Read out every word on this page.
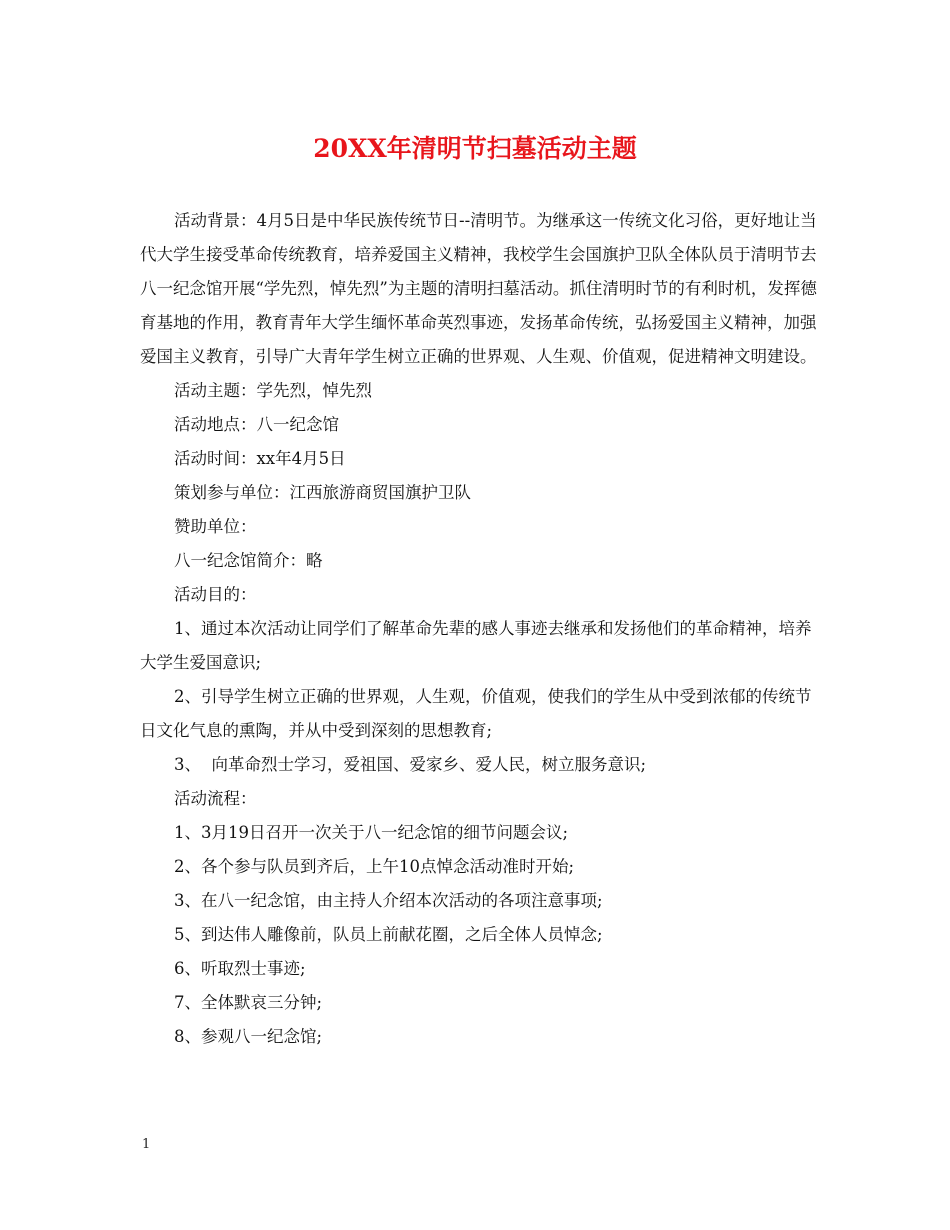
20XX年清明节扫墓活动主题

活动背景：4月5日是中华民族传统节日--清明节。为继承这一传统文化习俗，更好地让当代大学生接受革命传统教育，培养爱国主义精神，我校学生会国旗护卫队全体队员于清明节去八一纪念馆开展“学先烈，悼先烈”为主题的清明扫墓活动。抓住清明时节的有利时机，发挥德育基地的作用，教育青年大学生缅怀革命英烈事迹，发扬革命传统，弘扬爱国主义精神，加强爱国主义教育，引导广大青年学生树立正确的世界观、人生观、价值观，促进精神文明建设。

活动主题：学先烈，悼先烈

活动地点：八一纪念馆

活动时间：xx年4月5日

策划参与单位：江西旅游商贸国旗护卫队

赞助单位：

八一纪念馆简介：略

活动目的：

1、通过本次活动让同学们了解革命先辈的感人事迹去继承和发扬他们的革命精神，培养大学生爱国意识;

2、引导学生树立正确的世界观，人生观，价值观，使我们的学生从中受到浓郁的传统节日文化气息的熏陶，并从中受到深刻的思想教育;

3、  向革命烈士学习，爱祖国、爱家乡、爱人民，树立服务意识;

活动流程：

1、3月19日召开一次关于八一纪念馆的细节问题会议;

2、各个参与队员到齐后，上午10点悼念活动准时开始;

3、在八一纪念馆，由主持人介绍本次活动的各项注意事项;

5、到达伟人雕像前，队员上前献花圈，之后全体人员悼念;

6、听取烈士事迹;

7、全体默哀三分钟;

8、参观八一纪念馆;

1
